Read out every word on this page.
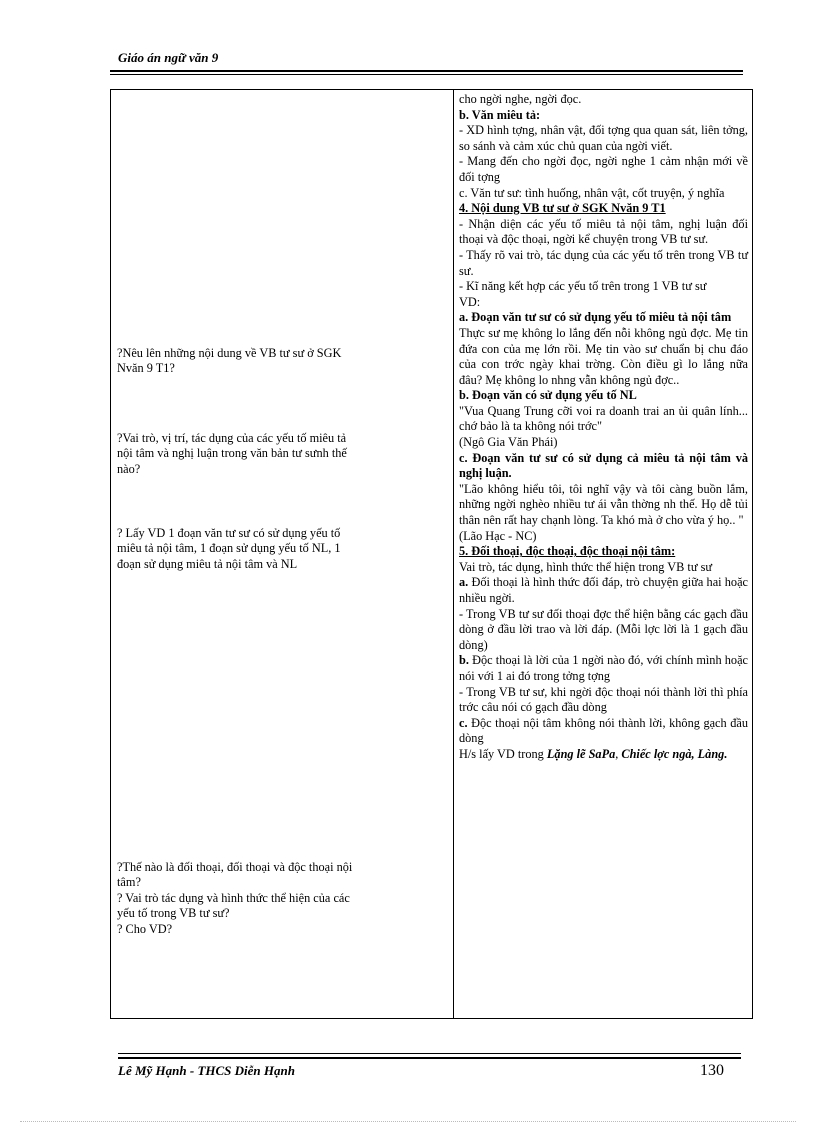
Giáo án ngữ văn 9
?Nêu lên những nội dung về VB tư sư ở SGK
Nvăn 9 T1?
?Vai trò, vị trí, tác dụng của các yếu tố miêu tả
nội tâm và nghị luận trong văn bản tư sưnh thế
nào?
? Lấy VD 1 đoạn văn tư sư có sử dụng yếu tố
miêu tả nội tâm, 1 đoạn sử dụng yếu tố NL, 1
đoạn sử dụng miêu tả nội tâm và NL
?Thế nào là đối thoại, đối thoại và độc thoại nội
tâm?
? Vai trò tác dụng và hình thức thể hiện của các
yếu tố trong VB tư sư?
? Cho VD?

cho ngời nghe, ngời đọc.

b. Văn miêu tả:

- XD hình tợng, nhân vật, đối tợng qua quan sát, liên tởng, so sánh và cảm xúc chủ quan của ngời viết.

- Mang đến cho ngời đọc, ngời nghe 1 cảm nhận mới về đối tợng

c. Văn tư sư: tình huống, nhân vật, cốt truyện, ý nghĩa

4. Nội dung VB tư sư ở SGK Nvăn 9 T1

- Nhận diện các yếu tố miêu tả nội tâm, nghị luận đối thoại và độc thoại, ngời kể chuyện trong VB tư sư.

- Thấy rõ vai trò, tác dụng của các yếu tố trên trong VB tư sư.

- Kĩ năng kết hợp các yếu tố trên trong 1 VB tư sư

VD:

a. Đoạn văn tư sư có sử dụng yếu tố miêu tả nội tâm

Thực sư mẹ không lo lắng đến nỗi không ngủ đợc. Mẹ tin đứa con của mẹ lớn rồi. Mẹ tin vào sư chuẩn bị chu đáo của con trớc ngày khai trờng. Còn điều gì lo lắng nữa đâu? Mẹ không lo nhng vẫn không ngủ đợc..

b. Đoạn văn có sử dụng yếu tố NL

"Vua Quang Trung cỡi voi ra doanh trai an ủi quân lính... chớ bảo là ta không nói trớc"

(Ngô Gia Văn Phái)

c. Đoạn văn tư sư có sử dụng cả miêu tả nội tâm và nghị luận.

"Lão không hiểu tôi, tôi nghĩ vậy và tôi càng buồn lắm, những ngời nghèo nhiều tư ái vẫn thờng nh thế. Họ dễ tủi thân nên rất hay chạnh lòng. Ta khó mà ở cho vừa ý họ.. "

(Lão Hạc - NC)

5. Đối thoại, độc thoại, độc thoại nội tâm:

Vai trò, tác dụng, hình thức thể hiện trong VB tư sư

a. Đối thoại là hình thức đối đáp, trò chuyện giữa hai hoặc nhiều ngời.

- Trong VB tư sư đối thoại đợc thể hiện bằng các gạch đầu dòng ở đầu lời trao và lời đáp. (Mỗi lợc lời là 1 gạch đầu dòng)

b. Độc thoại là lời của 1 ngời nào đó, với chính mình hoặc nói với 1 ai đó trong tởng tợng

- Trong VB tư sư, khi ngời độc thoại nói thành lời thì phía trớc câu nói có gạch đầu dòng

c. Độc thoại nội tâm không nói thành lời, không gạch đầu dòng

H/s lấy VD trong Lặng lẽ SaPa, Chiếc lợc ngà, Làng.

Lê Mỹ Hạnh - THCS Diễn Hạnh	130
